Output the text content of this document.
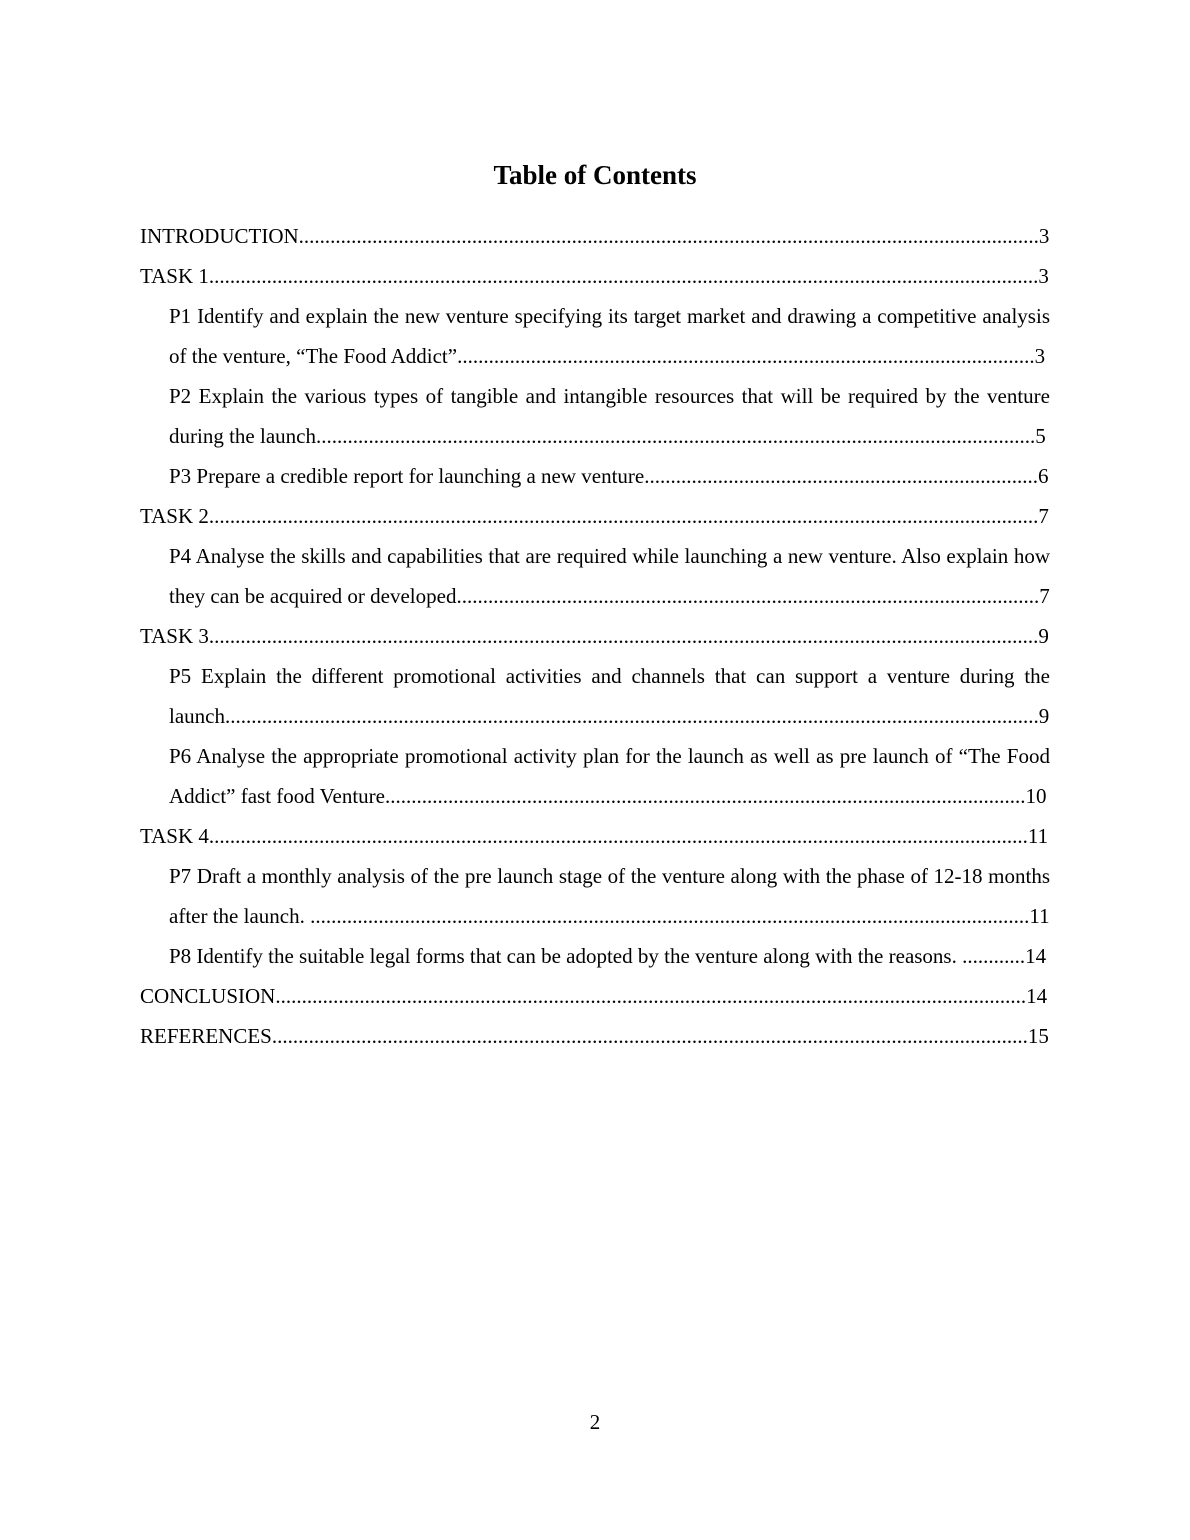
Table of Contents

INTRODUCTION.​.​.​.​.​.​.​.​.​.​.​.​.​.​.​.​.​.​.​.​.​.​.​.​.​.​.​.​.​.​.​.​.​.​.​.​.​.​.​.​.​.​.​.​.​.​.​.​.​.​.​.​.​.​.​.​.​.​.​.​.​.​.​.​.​.​.​.​.​.​.​.​.​.​.​.​.​.​.​.​.​.​.​.​.​.​.​.​.​.​.​.​.​.​.​.​.​.​.​.​.​.​.​.​.​.​.​.​.​.​.​.​.​.​.​.​.​.​.​.​.​.​.​.​.​.​.​.​.​.​.​.​.​.​.​.​.​.​.​.​.​3

TASK 1.​.​.​.​.​.​.​.​.​.​.​.​.​.​.​.​.​.​.​.​.​.​.​.​.​.​.​.​.​.​.​.​.​.​.​.​.​.​.​.​.​.​.​.​.​.​.​.​.​.​.​.​.​.​.​.​.​.​.​.​.​.​.​.​.​.​.​.​.​.​.​.​.​.​.​.​.​.​.​.​.​.​.​.​.​.​.​.​.​.​.​.​.​.​.​.​.​.​.​.​.​.​.​.​.​.​.​.​.​.​.​.​.​.​.​.​.​.​.​.​.​.​.​.​.​.​.​.​.​.​.​.​.​.​.​.​.​.​.​.​.​.​.​.​.​.​.​.​.​.​.​.​.​.​.​.​.​.​3

P1 Identify and explain the new venture specifying its target market and drawing a competitive analysis of the venture, “The Food Addict”.​.​.​.​.​.​.​.​.​.​.​.​.​.​.​.​.​.​.​.​.​.​.​.​.​.​.​.​.​.​.​.​.​.​.​.​.​.​.​.​.​.​.​.​.​.​.​.​.​.​.​.​.​.​.​.​.​.​.​.​.​.​.​.​.​.​.​.​.​.​.​.​.​.​.​.​.​.​.​.​.​.​.​.​.​.​.​.​.​.​.​.​.​.​.​.​.​.​.​.​.​.​.​.​.​.​.​.​.​.​3

P2 Explain the various types of tangible and intangible resources that will be required by the venture during the launch.​.​.​.​.​.​.​.​.​.​.​.​.​.​.​.​.​.​.​.​.​.​.​.​.​.​.​.​.​.​.​.​.​.​.​.​.​.​.​.​.​.​.​.​.​.​.​.​.​.​.​.​.​.​.​.​.​.​.​.​.​.​.​.​.​.​.​.​.​.​.​.​.​.​.​.​.​.​.​.​.​.​.​.​.​.​.​.​.​.​.​.​.​.​.​.​.​.​.​.​.​.​.​.​.​.​.​.​.​.​.​.​.​.​.​.​.​.​.​.​.​.​.​.​.​.​.​.​.​.​.​.​.​.​.​.​.​5

P3 Prepare a credible report for launching a new venture.​.​.​.​.​.​.​.​.​.​.​.​.​.​.​.​.​.​.​.​.​.​.​.​.​.​.​.​.​.​.​.​.​.​.​.​.​.​.​.​.​.​.​.​.​.​.​.​.​.​.​.​.​.​.​.​.​.​.​.​.​.​.​.​.​.​.​.​.​.​.​.​.​.​.​6

TASK 2.​.​.​.​.​.​.​.​.​.​.​.​.​.​.​.​.​.​.​.​.​.​.​.​.​.​.​.​.​.​.​.​.​.​.​.​.​.​.​.​.​.​.​.​.​.​.​.​.​.​.​.​.​.​.​.​.​.​.​.​.​.​.​.​.​.​.​.​.​.​.​.​.​.​.​.​.​.​.​.​.​.​.​.​.​.​.​.​.​.​.​.​.​.​.​.​.​.​.​.​.​.​.​.​.​.​.​.​.​.​.​.​.​.​.​.​.​.​.​.​.​.​.​.​.​.​.​.​.​.​.​.​.​.​.​.​.​.​.​.​.​.​.​.​.​.​.​.​.​.​.​.​.​.​.​.​.​.​7

P4 Analyse the skills and capabilities that are required while launching a new venture. Also explain how they can be acquired or developed.​.​.​.​.​.​.​.​.​.​.​.​.​.​.​.​.​.​.​.​.​.​.​.​.​.​.​.​.​.​.​.​.​.​.​.​.​.​.​.​.​.​.​.​.​.​.​.​.​.​.​.​.​.​.​.​.​.​.​.​.​.​.​.​.​.​.​.​.​.​.​.​.​.​.​.​.​.​.​.​.​.​.​.​.​.​.​.​.​.​.​.​.​.​.​.​.​.​.​.​.​.​.​.​.​.​.​.​.​.​.​7

TASK 3.​.​.​.​.​.​.​.​.​.​.​.​.​.​.​.​.​.​.​.​.​.​.​.​.​.​.​.​.​.​.​.​.​.​.​.​.​.​.​.​.​.​.​.​.​.​.​.​.​.​.​.​.​.​.​.​.​.​.​.​.​.​.​.​.​.​.​.​.​.​.​.​.​.​.​.​.​.​.​.​.​.​.​.​.​.​.​.​.​.​.​.​.​.​.​.​.​.​.​.​.​.​.​.​.​.​.​.​.​.​.​.​.​.​.​.​.​.​.​.​.​.​.​.​.​.​.​.​.​.​.​.​.​.​.​.​.​.​.​.​.​.​.​.​.​.​.​.​.​.​.​.​.​.​.​.​.​.​9

P5 Explain the different promotional activities and channels that can support a venture during the launch.​.​.​.​.​.​.​.​.​.​.​.​.​.​.​.​.​.​.​.​.​.​.​.​.​.​.​.​.​.​.​.​.​.​.​.​.​.​.​.​.​.​.​.​.​.​.​.​.​.​.​.​.​.​.​.​.​.​.​.​.​.​.​.​.​.​.​.​.​.​.​.​.​.​.​.​.​.​.​.​.​.​.​.​.​.​.​.​.​.​.​.​.​.​.​.​.​.​.​.​.​.​.​.​.​.​.​.​.​.​.​.​.​.​.​.​.​.​.​.​.​.​.​.​.​.​.​.​.​.​.​.​.​.​.​.​.​.​.​.​.​.​.​.​.​.​.​.​.​.​.​.​.​.​.​9

P6 Analyse the appropriate promotional activity plan for the launch as well as pre launch of “The Food Addict” fast food Venture.​.​.​.​.​.​.​.​.​.​.​.​.​.​.​.​.​.​.​.​.​.​.​.​.​.​.​.​.​.​.​.​.​.​.​.​.​.​.​.​.​.​.​.​.​.​.​.​.​.​.​.​.​.​.​.​.​.​.​.​.​.​.​.​.​.​.​.​.​.​.​.​.​.​.​.​.​.​.​.​.​.​.​.​.​.​.​.​.​.​.​.​.​.​.​.​.​.​.​.​.​.​.​.​.​.​.​.​.​.​.​.​.​.​.​.​.​.​.​.​.​.​10

TASK 4.​.​.​.​.​.​.​.​.​.​.​.​.​.​.​.​.​.​.​.​.​.​.​.​.​.​.​.​.​.​.​.​.​.​.​.​.​.​.​.​.​.​.​.​.​.​.​.​.​.​.​.​.​.​.​.​.​.​.​.​.​.​.​.​.​.​.​.​.​.​.​.​.​.​.​.​.​.​.​.​.​.​.​.​.​.​.​.​.​.​.​.​.​.​.​.​.​.​.​.​.​.​.​.​.​.​.​.​.​.​.​.​.​.​.​.​.​.​.​.​.​.​.​.​.​.​.​.​.​.​.​.​.​.​.​.​.​.​.​.​.​.​.​.​.​.​.​.​.​.​.​.​.​.​.​.​11

P7 Draft a monthly analysis of the pre launch stage of the venture along with the phase of 12-18 months after the launch. .​.​.​.​.​.​.​.​.​.​.​.​.​.​.​.​.​.​.​.​.​.​.​.​.​.​.​.​.​.​.​.​.​.​.​.​.​.​.​.​.​.​.​.​.​.​.​.​.​.​.​.​.​.​.​.​.​.​.​.​.​.​.​.​.​.​.​.​.​.​.​.​.​.​.​.​.​.​.​.​.​.​.​.​.​.​.​.​.​.​.​.​.​.​.​.​.​.​.​.​.​.​.​.​.​.​.​.​.​.​.​.​.​.​.​.​.​.​.​.​.​.​.​.​.​.​.​.​.​.​.​.​.​.​.​.​.​11

P8 Identify the suitable legal forms that can be adopted by the venture along with the reasons. .​.​.​.​.​.​.​.​.​.​.​.​14

CONCLUSION.​.​.​.​.​.​.​.​.​.​.​.​.​.​.​.​.​.​.​.​.​.​.​.​.​.​.​.​.​.​.​.​.​.​.​.​.​.​.​.​.​.​.​.​.​.​.​.​.​.​.​.​.​.​.​.​.​.​.​.​.​.​.​.​.​.​.​.​.​.​.​.​.​.​.​.​.​.​.​.​.​.​.​.​.​.​.​.​.​.​.​.​.​.​.​.​.​.​.​.​.​.​.​.​.​.​.​.​.​.​.​.​.​.​.​.​.​.​.​.​.​.​.​.​.​.​.​.​.​.​.​.​.​.​.​.​.​.​.​.​.​.​.​14

REFERENCES.​.​.​.​.​.​.​.​.​.​.​.​.​.​.​.​.​.​.​.​.​.​.​.​.​.​.​.​.​.​.​.​.​.​.​.​.​.​.​.​.​.​.​.​.​.​.​.​.​.​.​.​.​.​.​.​.​.​.​.​.​.​.​.​.​.​.​.​.​.​.​.​.​.​.​.​.​.​.​.​.​.​.​.​.​.​.​.​.​.​.​.​.​.​.​.​.​.​.​.​.​.​.​.​.​.​.​.​.​.​.​.​.​.​.​.​.​.​.​.​.​.​.​.​.​.​.​.​.​.​.​.​.​.​.​.​.​.​.​.​.​.​.​.​15

2
